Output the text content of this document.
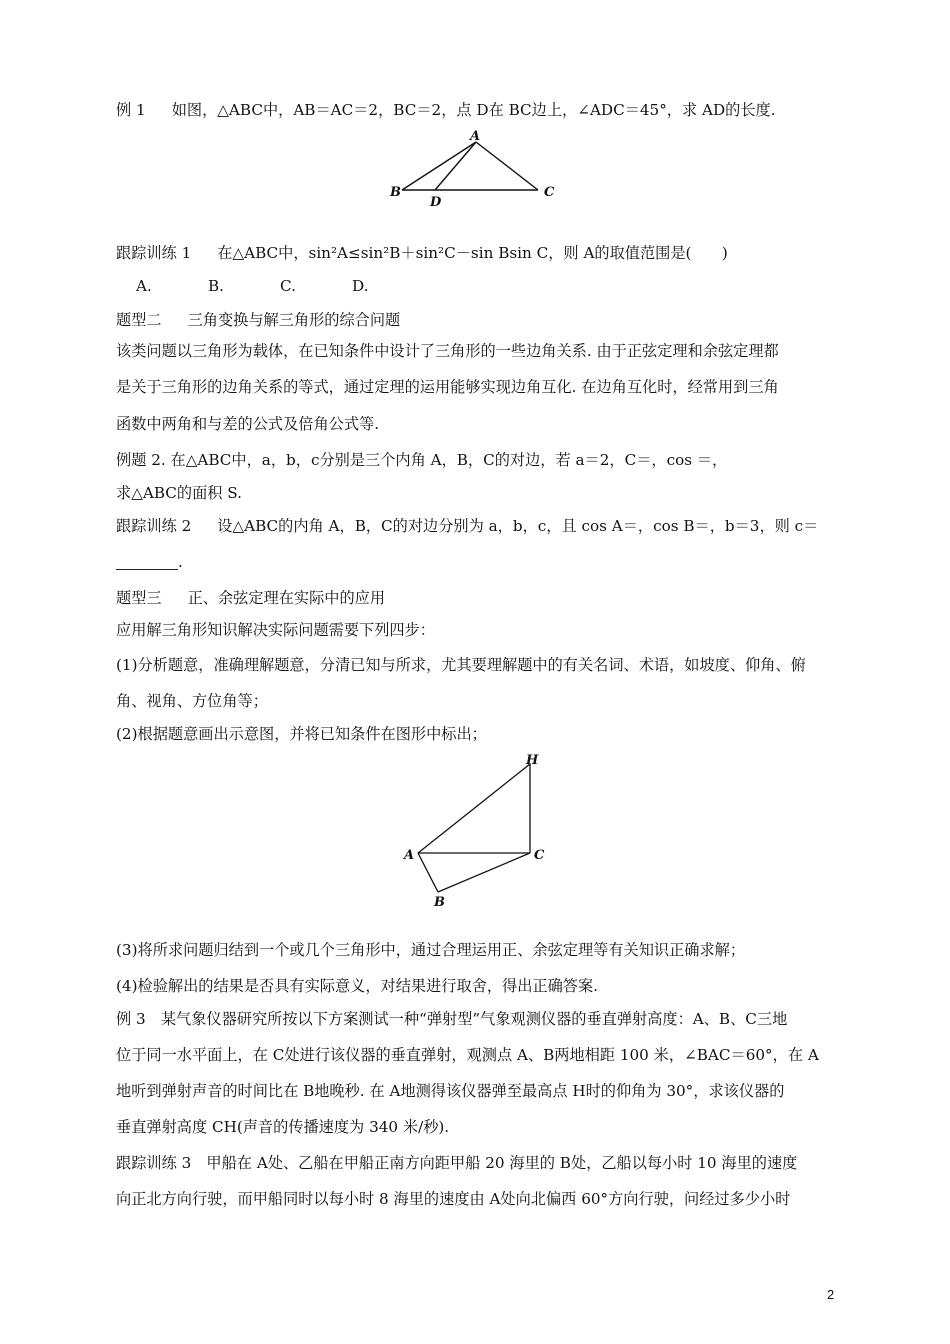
例 1 如图，△ABC中，AB＝AC＝2，BC＝2，点 D在 BC边上，∠ADC＝45°，求 AD的长度.
A
B
D
C
跟踪训练 1 在△ABC中，sin²A≤sin²B＋sin²C－sin Bsin C，则 A的取值范围是(　　)
A.	B.	C.	D.
题型二 三角变换与解三角形的综合问题
该类问题以三角形为载体，在已知条件中设计了三角形的一些边角关系. 由于正弦定理和余弦定理都
是关于三角形的边角关系的等式，通过定理的运用能够实现边角互化. 在边角互化时，经常用到三角
函数中两角和与差的公式及倍角公式等.
例题 2. 在△ABC中，a，b，c分别是三个内角 A，B，C的对边，若 a＝2，C＝，cos ＝，
求△ABC的面积 S.
跟踪训练 2 设△ABC的内角 A，B，C的对边分别为 a，b，c，且 cos A＝，cos B＝，b＝3，则 c＝
.
题型三 正、余弦定理在实际中的应用
应用解三角形知识解决实际问题需要下列四步：
(1)分析题意，准确理解题意，分清已知与所求，尤其要理解题中的有关名词、术语，如坡度、仰角、俯
角、视角、方位角等；
(2)根据题意画出示意图，并将已知条件在图形中标出；
H
A	C
B
(3)将所求问题归结到一个或几个三角形中，通过合理运用正、余弦定理等有关知识正确求解；
(4)检验解出的结果是否具有实际意义，对结果进行取舍，得出正确答案.
例 3　某气象仪器研究所按以下方案测试一种“弹射型”气象观测仪器的垂直弹射高度：A、B、C三地
位于同一水平面上，在 C处进行该仪器的垂直弹射，观测点 A、B两地相距 100 米，∠BAC＝60°，在 A
地听到弹射声音的时间比在 B地晚秒. 在 A地测得该仪器弹至最高点 H时的仰角为 30°，求该仪器的
垂直弹射高度 CH(声音的传播速度为 340 米/秒).
跟踪训练 3　甲船在 A处、乙船在甲船正南方向距甲船 20 海里的 B处，乙船以每小时 10 海里的速度
向正北方向行驶，而甲船同时以每小时 8 海里的速度由 A处向北偏西 60°方向行驶，问经过多少小时
2
